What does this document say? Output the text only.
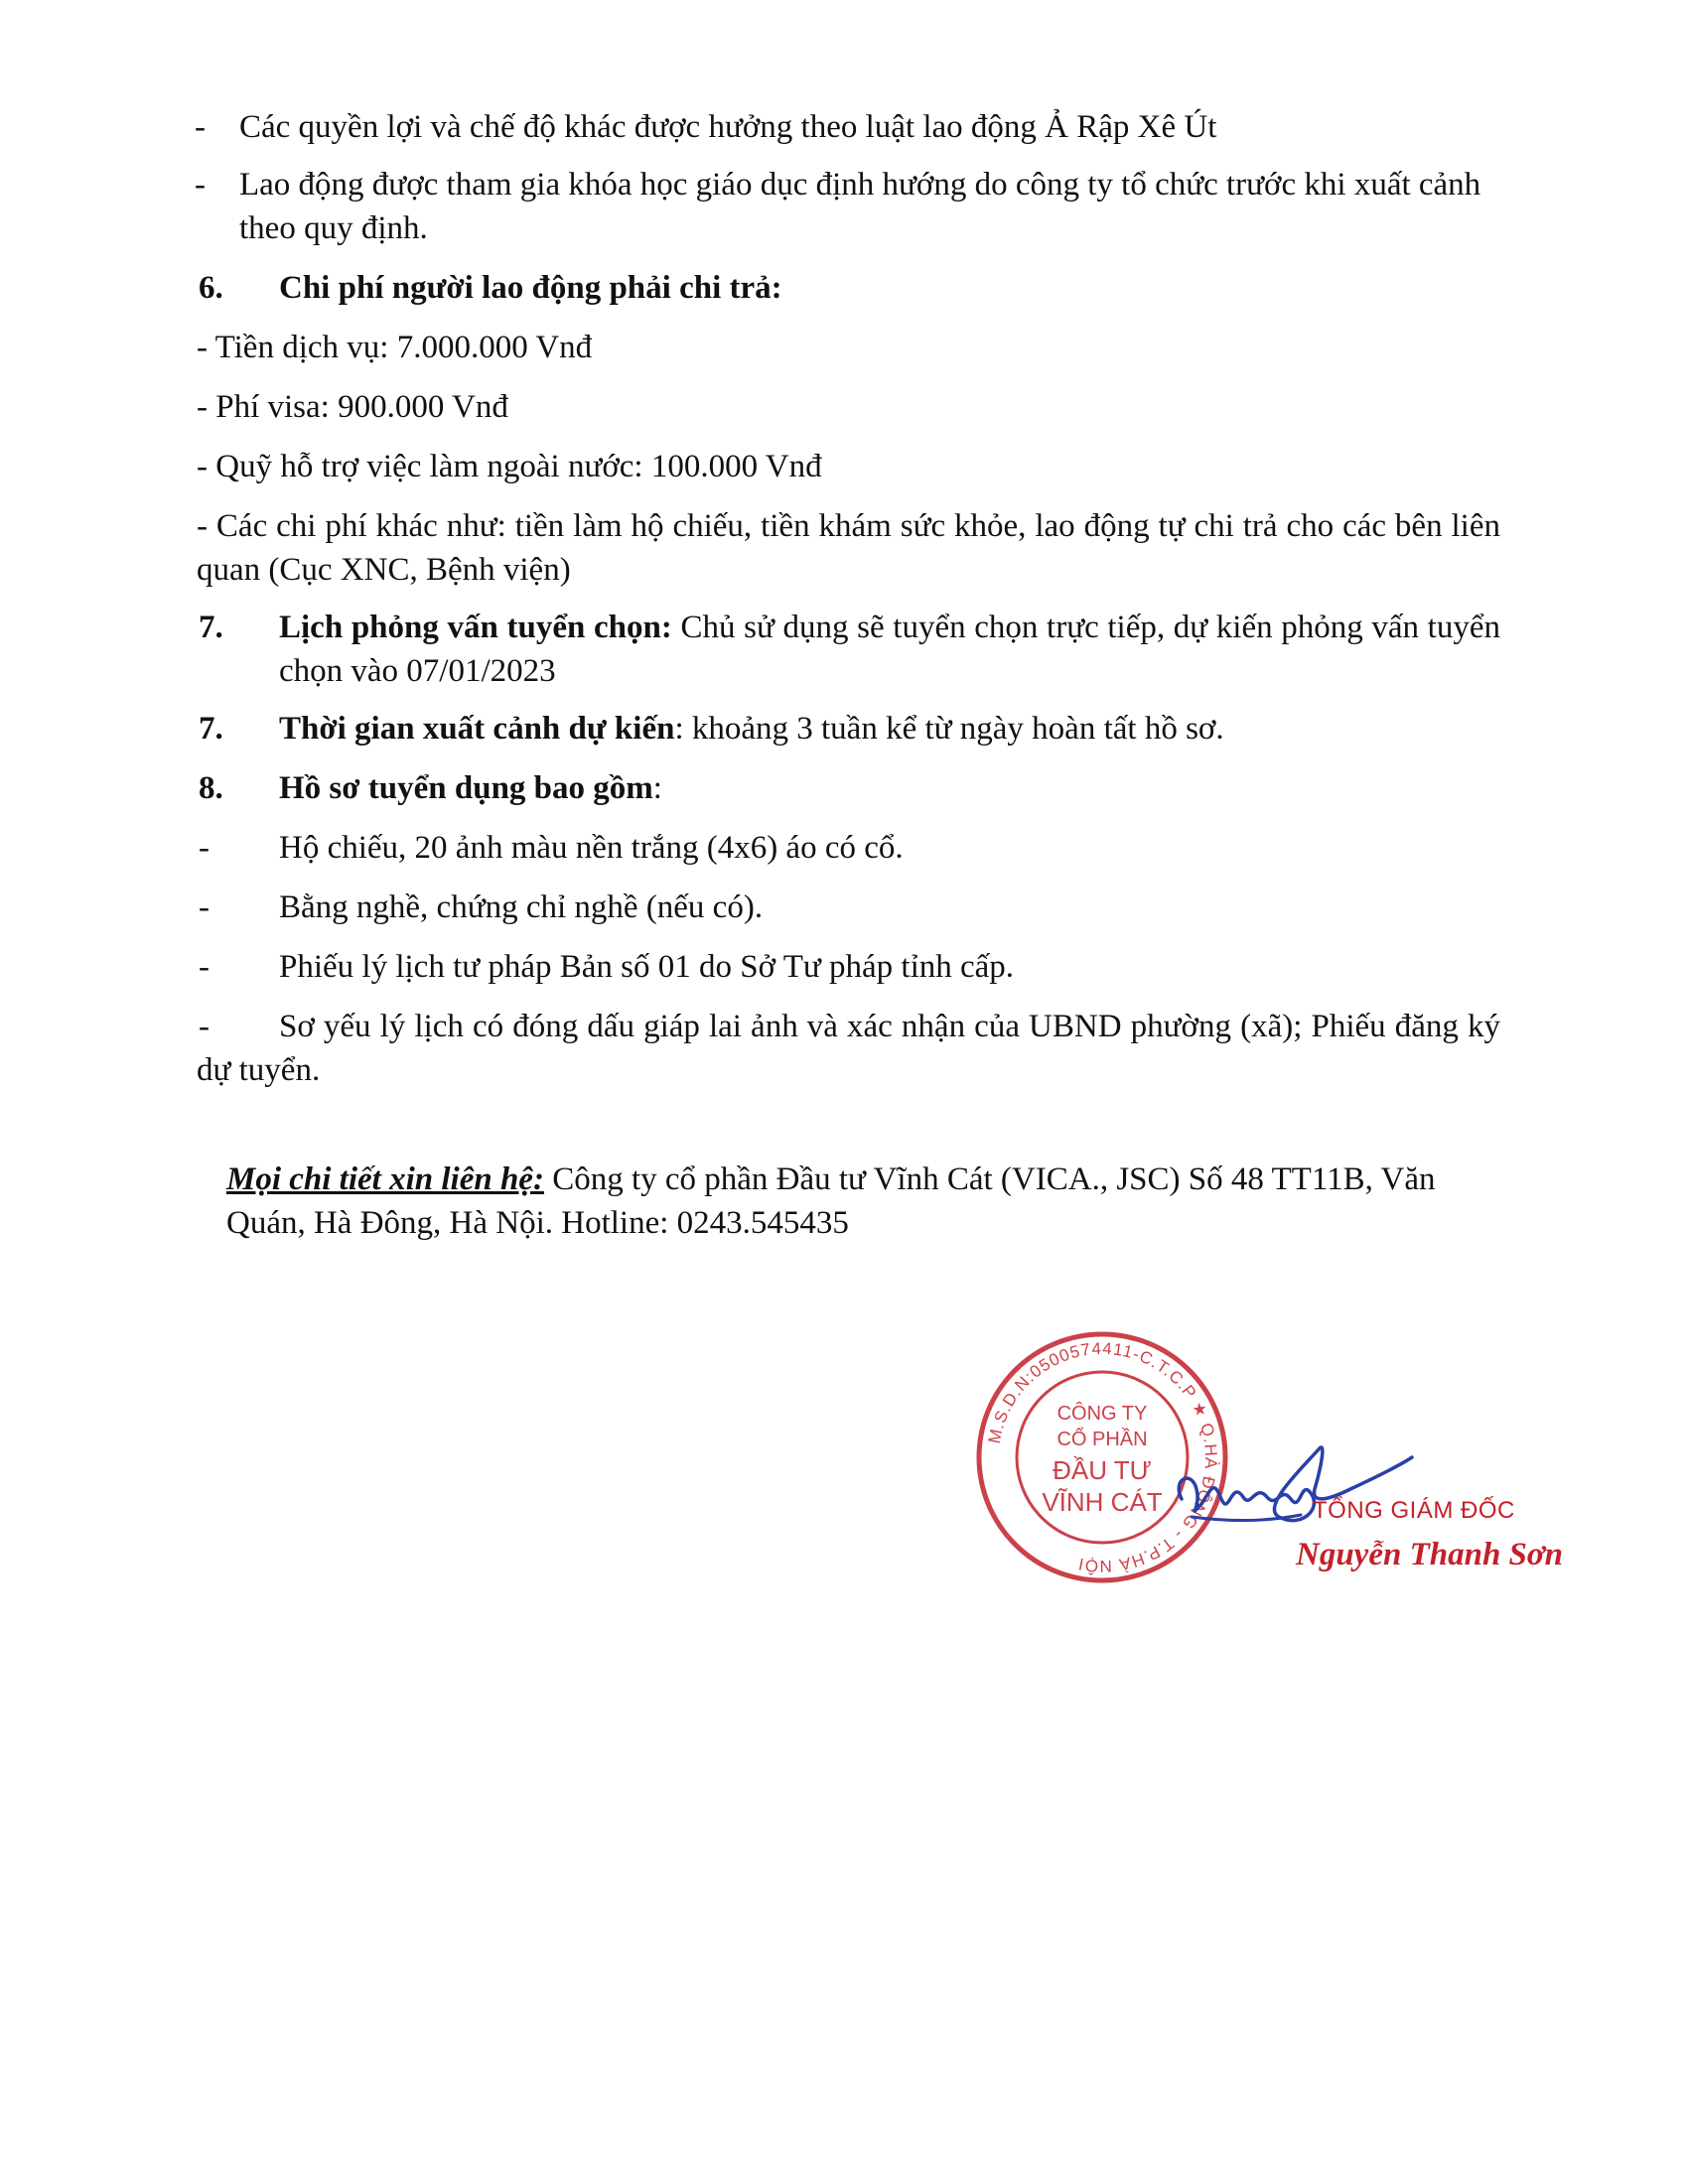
- Các quyền lợi và chế độ khác được hưởng theo luật lao động Ả Rập Xê Út
- Lao động được tham gia khóa học giáo dục định hướng do công ty tổ chức trước khi xuất cảnh theo quy định.
6. Chi phí người lao động phải chi trả:
- Tiền dịch vụ: 7.000.000 Vnđ
- Phí visa: 900.000 Vnđ
- Quỹ hỗ trợ việc làm ngoài nước: 100.000 Vnđ
- Các chi phí khác như: tiền làm hộ chiếu, tiền khám sức khỏe, lao động tự chi trả cho các bên liên quan (Cục XNC, Bệnh viện)
7. Lịch phỏng vấn tuyển chọn: Chủ sử dụng sẽ tuyển chọn trực tiếp, dự kiến phỏng vấn tuyển chọn vào 07/01/2023
7. Thời gian xuất cảnh dự kiến: khoảng 3 tuần kể từ ngày hoàn tất hồ sơ.
8. Hồ sơ tuyển dụng bao gồm:
- Hộ chiếu, 20 ảnh màu nền trắng (4x6) áo có cổ.
- Bằng nghề, chứng chỉ nghề (nếu có).
- Phiếu lý lịch tư pháp Bản số 01 do Sở Tư pháp tỉnh cấp.
-	Sơ yếu lý lịch có đóng dấu giáp lai ảnh và xác nhận của UBND phường (xã); Phiếu đăng ký dự tuyển.
Mọi chi tiết xin liên hệ: Công ty cổ phần Đầu tư Vĩnh Cát (VICA., JSC) Số 48 TT11B, Văn Quán, Hà Đông, Hà Nội. Hotline: 0243.545435
M.S.D.N:0500574411-C.T.C.P ★ Q.HÀ ĐÔNG - T.P.HÀ NỘI
CÔNG TY
CỔ PHẦN
ĐẦU TƯ
VĨNH CÁT	TỔNG GIÁM ĐỐC
Nguyễn Thanh Sơn
